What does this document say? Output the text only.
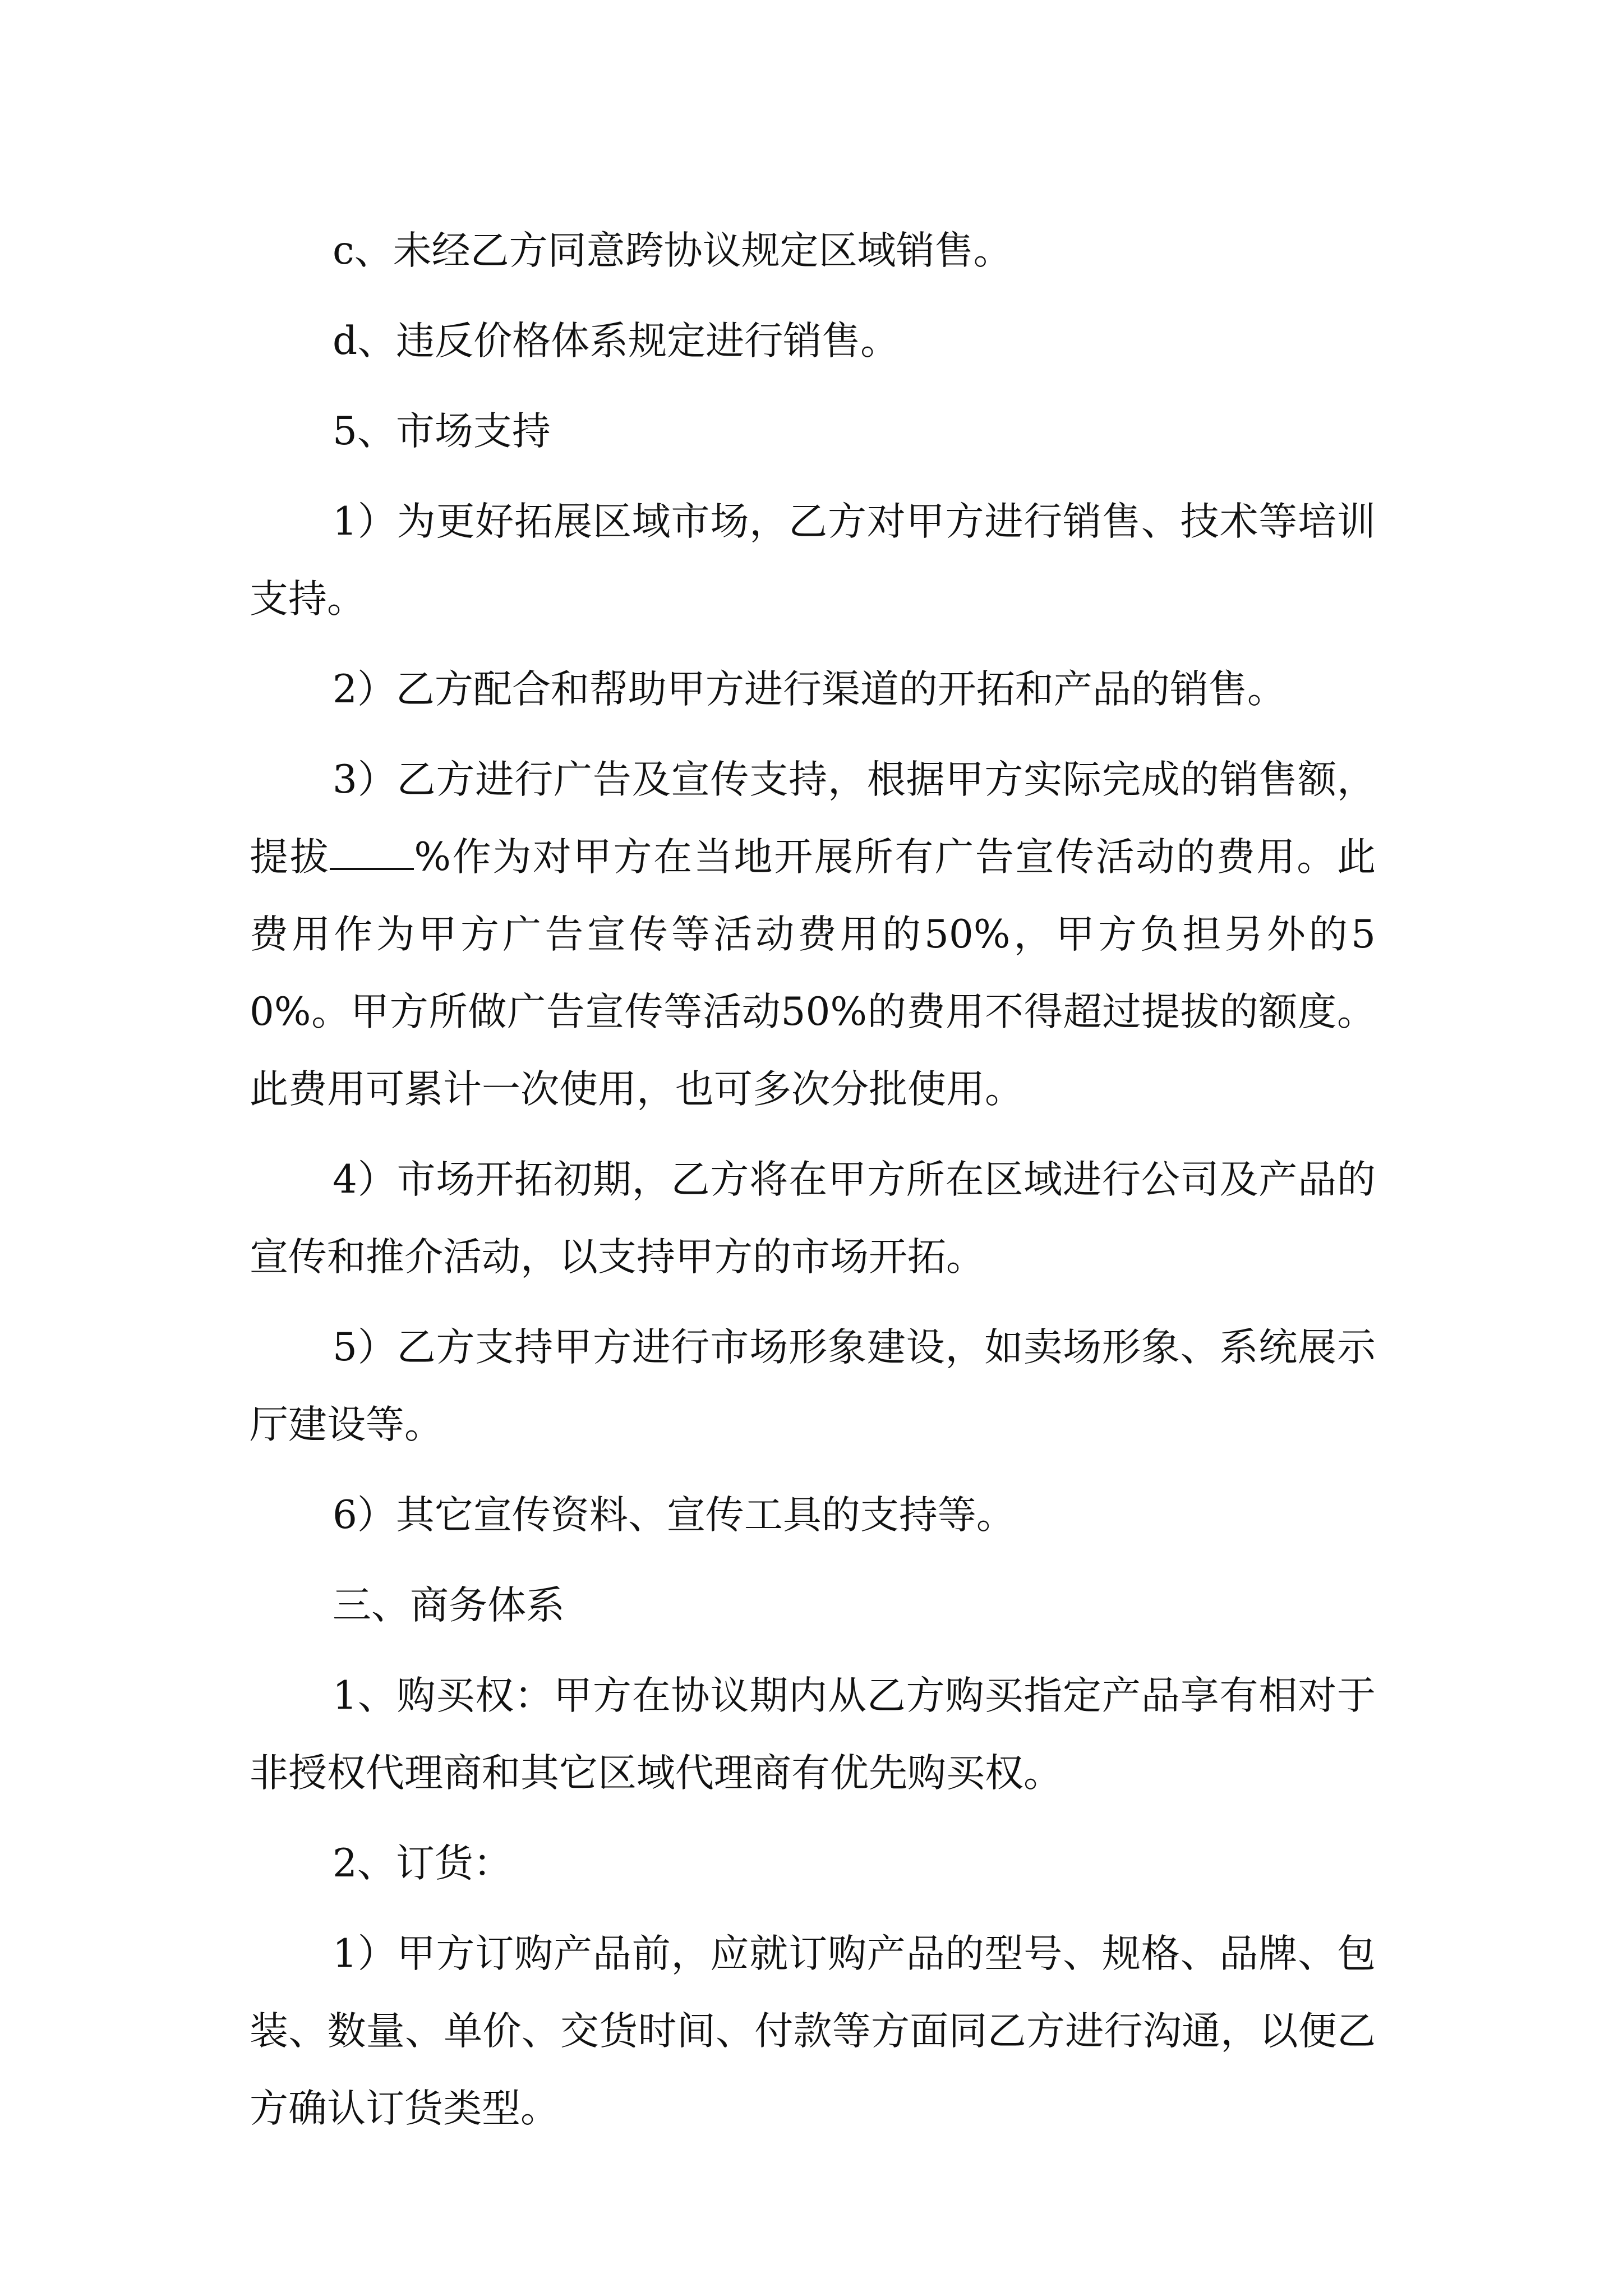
c、未经乙方同意跨协议规定区域销售。

d、违反价格体系规定进行销售。

5、市场支持

1）为更好拓展区域市场，乙方对甲方进行销售、技术等培训支持。

2）乙方配合和帮助甲方进行渠道的开拓和产品的销售。

3）乙方进行广告及宣传支持，根据甲方实际完成的销售额，提拔 %作为对甲方在当地开展所有广告宣传活动的费用。此费用作为甲方广告宣传等活动费用的50%，甲方负担另外的50%。甲方所做广告宣传等活动50%的费用不得超过提拔的额度。此费用可累计一次使用，也可多次分批使用。

4）市场开拓初期，乙方将在甲方所在区域进行公司及产品的宣传和推介活动，以支持甲方的市场开拓。

5）乙方支持甲方进行市场形象建设，如卖场形象、系统展示厅建设等。

6）其它宣传资料、宣传工具的支持等。

三、商务体系

1、购买权：甲方在协议期内从乙方购买指定产品享有相对于非授权代理商和其它区域代理商有优先购买权。

2、订货：

1）甲方订购产品前，应就订购产品的型号、规格、品牌、包装、数量、单价、交货时间、付款等方面同乙方进行沟通，以便乙方确认订货类型。
